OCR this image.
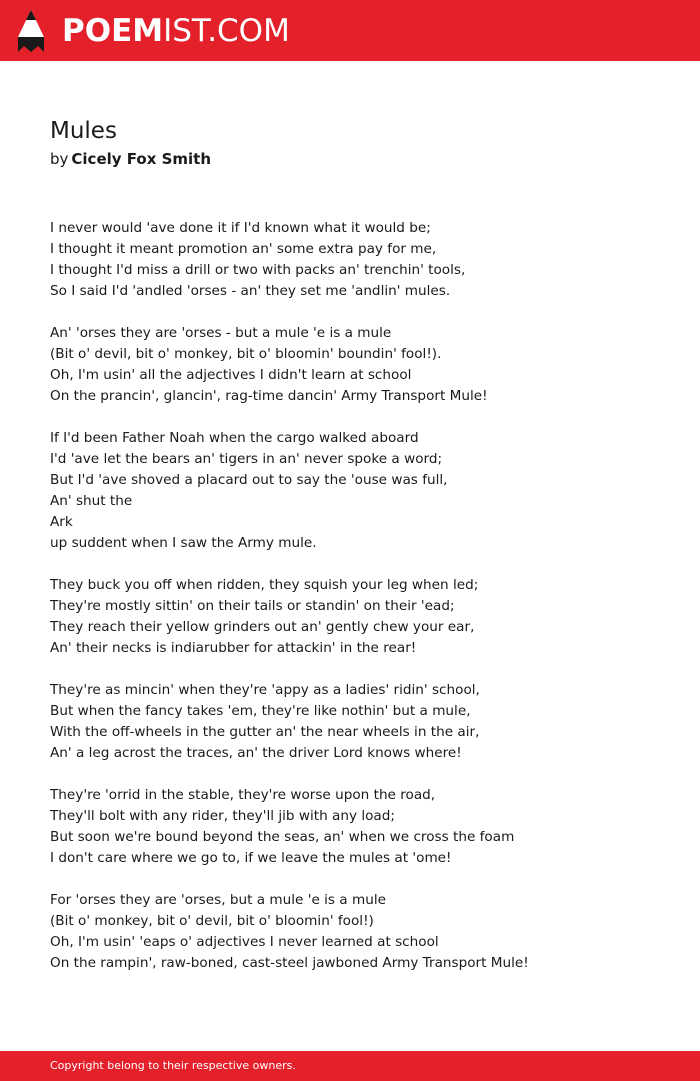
POEMIST.COM
Mules
by Cicely Fox Smith
I never would 'ave done it if I'd known what it would be;
I thought it meant promotion an' some extra pay for me,
I thought I'd miss a drill or two with packs an' trenchin' tools,
So I said I'd 'andled 'orses - an' they set me 'andlin' mules.
An' 'orses they are 'orses - but a mule 'e is a mule
(Bit o' devil, bit o' monkey, bit o' bloomin' boundin' fool!).
Oh, I'm usin' all the adjectives I didn't learn at school
On the prancin', glancin', rag-time dancin' Army Transport Mule!
If I'd been Father Noah when the cargo walked aboard
I'd 'ave let the bears an' tigers in an' never spoke a word;
But I'd 'ave shoved a placard out to say the 'ouse was full,
An' shut the
Ark
up suddent when I saw the Army mule.
They buck you off when ridden, they squish your leg when led;
They're mostly sittin' on their tails or standin' on their 'ead;
They reach their yellow grinders out an' gently chew your ear,
An' their necks is indiarubber for attackin' in the rear!
They're as mincin' when they're 'appy as a ladies' ridin' school,
But when the fancy takes 'em, they're like nothin' but a mule,
With the off-wheels in the gutter an' the near wheels in the air,
An' a leg acrost the traces, an' the driver Lord knows where!
They're 'orrid in the stable, they're worse upon the road,
They'll bolt with any rider, they'll jib with any load;
But soon we're bound beyond the seas, an' when we cross the foam
I don't care where we go to, if we leave the mules at 'ome!
For 'orses they are 'orses, but a mule 'e is a mule
(Bit o' monkey, bit o' devil, bit o' bloomin' fool!)
Oh, I'm usin' 'eaps o' adjectives I never learned at school
On the rampin', raw-boned, cast-steel jawboned Army Transport Mule!
Copyright belong to their respective owners.
